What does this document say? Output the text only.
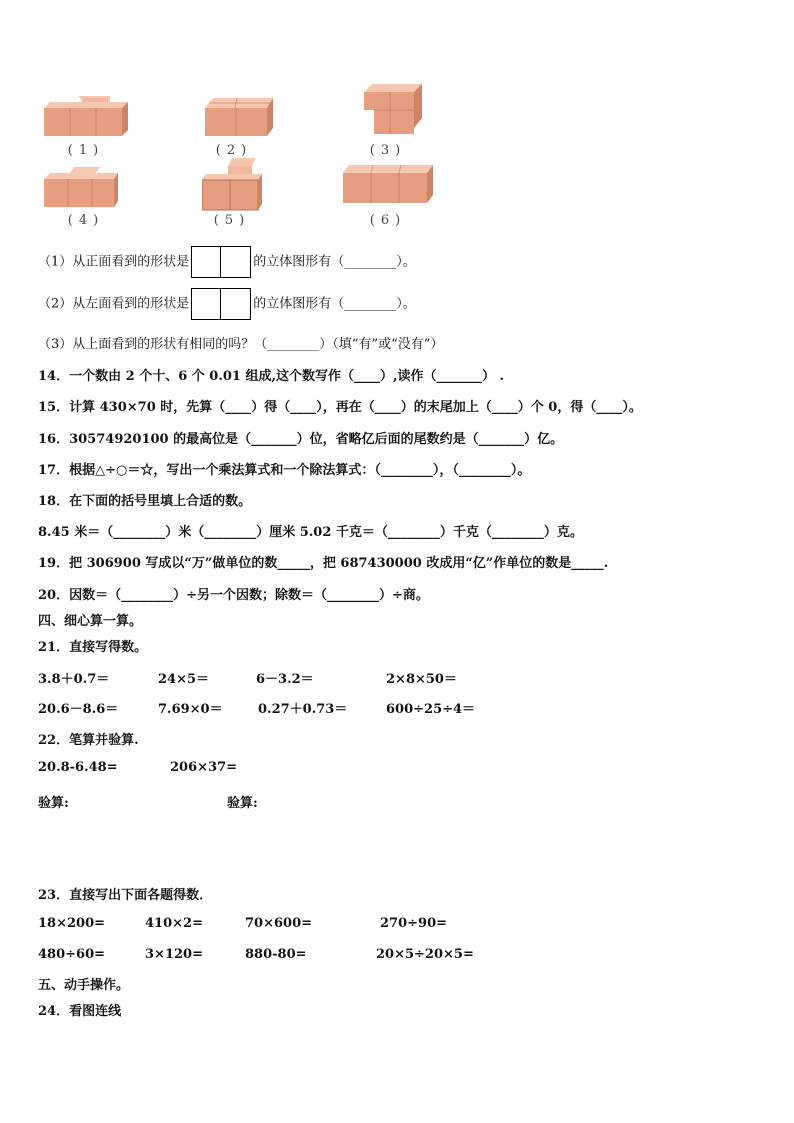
(1)	(2)	(3)
(4)	(5)	(6)
（1）从正面看到的形状是	的立体图形有（________）。
（2）从左面看到的形状是	的立体图形有（________）。
（3）从上面看到的形状有相同的吗？（________）（填“有”或“没有”）
14．一个数由 2 个十、6 个 0.01 组成,这个数写作（____）,读作（_______） .
15．计算 430×70 时，先算（____）得（____），再在（____）的末尾加上（____）个 0，得（____）。
16．30574920100 的最高位是（_______）位，省略亿后面的尾数约是（_______）亿。
17．根据△÷○＝☆，写出一个乘法算式和一个除法算式：（________），（________）。
18．在下面的括号里填上合适的数。
8.45 米＝（________）米（________）厘米 5.02 千克＝（________）千克（________）克。
19．把 306900 写成以“万”做单位的数_____，把 687430000 改成用“亿”作单位的数是_____.
20．因数＝（________）÷另一个因数；除数＝（________）÷商。
四、细心算一算。
21．直接写得数。
3.8＋0.7＝	24×5＝	6－3.2＝	2×8×50＝
20.6－8.6＝	7.69×0＝	0.27＋0.73＝	600÷25÷4＝
22．笔算并验算.
20.8-6.48=	206×37=
验算:	验算:
23．直接写出下面各题得数．
18×200=	410×2=	70×600=	270÷90=
480÷60=	3×120=	880-80=	20×5÷20×5=
五、动手操作。
24．看图连线
